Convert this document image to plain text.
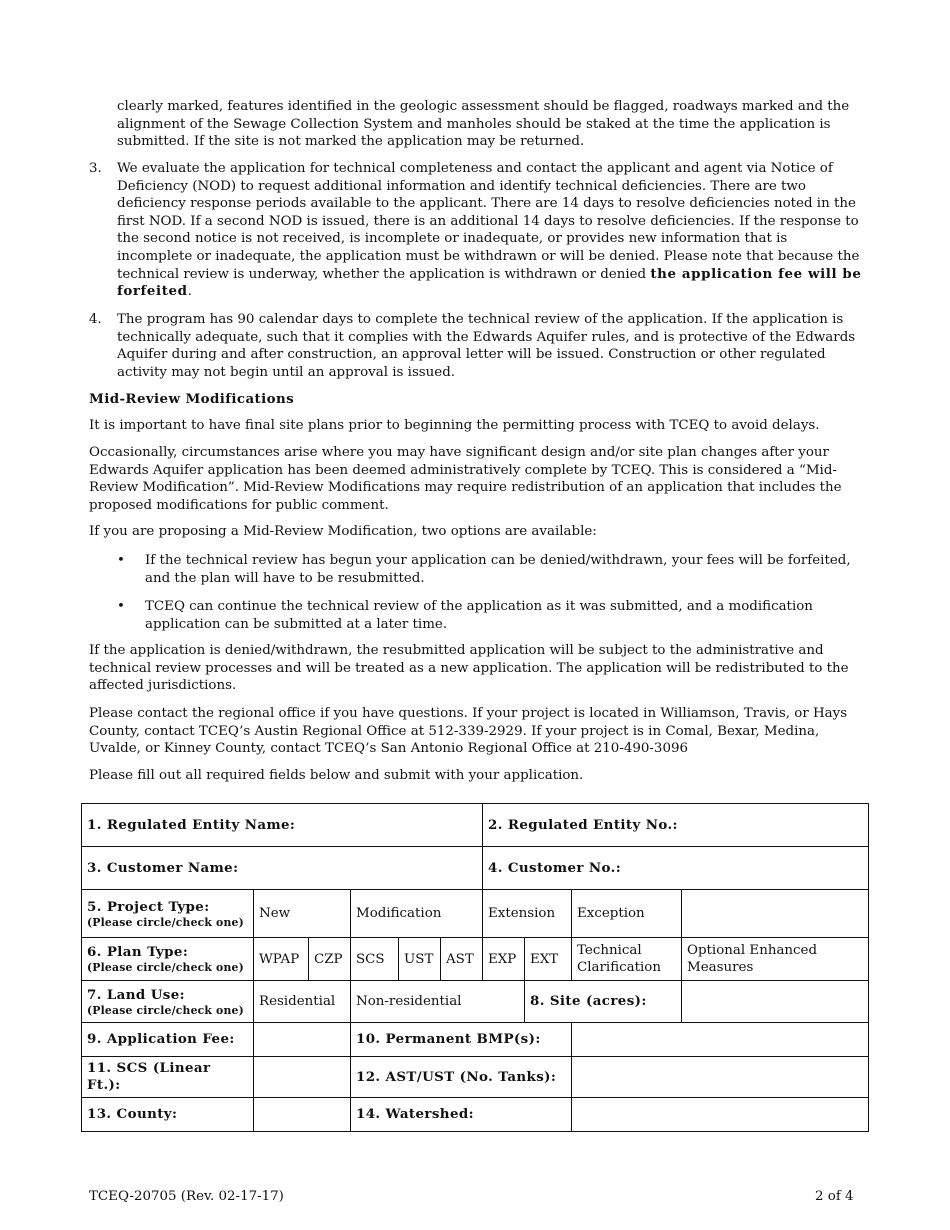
clearly marked, features identified in the geologic assessment should be flagged, roadways marked and the alignment of the Sewage Collection System and manholes should be staked at the time the application is submitted. If the site is not marked the application may be returned.

3.	We evaluate the application for technical completeness and contact the applicant and agent via Notice of Deficiency (NOD) to request additional information and identify technical deficiencies. There are two deficiency response periods available to the applicant. There are 14 days to resolve deficiencies noted in the first NOD. If a second NOD is issued, there is an additional 14 days to resolve deficiencies. If the response to the second notice is not received, is incomplete or inadequate, or provides new information that is incomplete or inadequate, the application must be withdrawn or will be denied. Please note that because the technical review is underway, whether the application is withdrawn or denied the application fee will be forfeited.

4.	The program has 90 calendar days to complete the technical review of the application. If the application is technically adequate, such that it complies with the Edwards Aquifer rules, and is protective of the Edwards Aquifer during and after construction, an approval letter will be issued. Construction or other regulated activity may not begin until an approval is issued.

Mid-Review Modifications

It is important to have final site plans prior to beginning the permitting process with TCEQ to avoid delays.

Occasionally, circumstances arise where you may have significant design and/or site plan changes after your Edwards Aquifer application has been deemed administratively complete by TCEQ. This is considered a “Mid-Review Modification”. Mid-Review Modifications may require redistribution of an application that includes the proposed modifications for public comment.

If you are proposing a Mid-Review Modification, two options are available:

• If the technical review has begun your application can be denied/withdrawn, your fees will be forfeited, and the plan will have to be resubmitted.

• TCEQ can continue the technical review of the application as it was submitted, and a modification application can be submitted at a later time.

If the application is denied/withdrawn, the resubmitted application will be subject to the administrative and technical review processes and will be treated as a new application. The application will be redistributed to the affected jurisdictions.

Please contact the regional office if you have questions. If your project is located in Williamson, Travis, or Hays County, contact TCEQ’s Austin Regional Office at 512-339-2929. If your project is in Comal, Bexar, Medina, Uvalde, or Kinney County, contact TCEQ’s San Antonio Regional Office at 210-490-3096

Please fill out all required fields below and submit with your application.

1. Regulated Entity Name:						2. Regulated Entity No.:			
3. Customer Name:						4. Customer No.:			
5. Project Type:
(Please circle/check one)	New		Modification			Extension		Exception	
6. Plan Type:
(Please circle/check one)	WPAP	CZP	SCS	UST	AST	EXP	EXT	Technical Clarification	Optional Enhanced Measures
7. Land Use:
(Please circle/check one)	Residential		Non-residential				8. Site (acres):		
9. Application Fee:			10. Permanent BMP(s):						
11. SCS (Linear Ft.):			12. AST/UST (No. Tanks):						
13. County:			14. Watershed:						

TCEQ-20705 (Rev. 02-17-17)	2 of 4
